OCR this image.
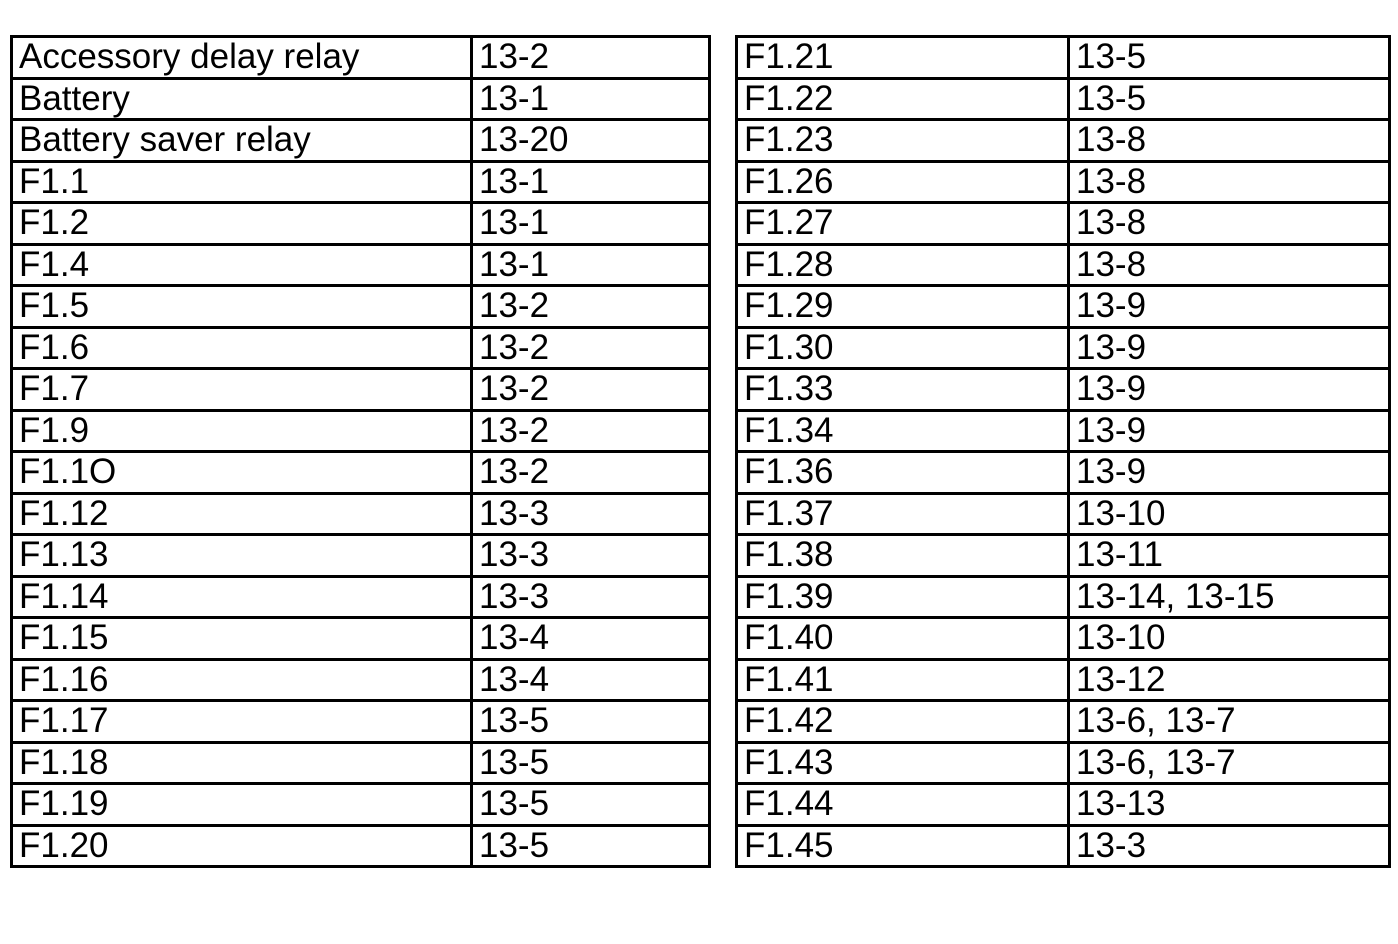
Accessory delay relay	13-2
Battery	13-1
Battery saver relay	13-20
F1.1	13-1
F1.2	13-1
F1.4	13-1
F1.5	13-2
F1.6	13-2
F1.7	13-2
F1.9	13-2
F1.1O	13-2
F1.12	13-3
F1.13	13-3
F1.14	13-3
F1.15	13-4
F1.16	13-4
F1.17	13-5
F1.18	13-5
F1.19	13-5
F1.20	13-5
F1.21	13-5
F1.22	13-5
F1.23	13-8
F1.26	13-8
F1.27	13-8
F1.28	13-8
F1.29	13-9
F1.30	13-9
F1.33	13-9
F1.34	13-9
F1.36	13-9
F1.37	13-10
F1.38	13-11
F1.39	13-14, 13-15
F1.40	13-10
F1.41	13-12
F1.42	13-6, 13-7
F1.43	13-6, 13-7
F1.44	13-13
F1.45	13-3
